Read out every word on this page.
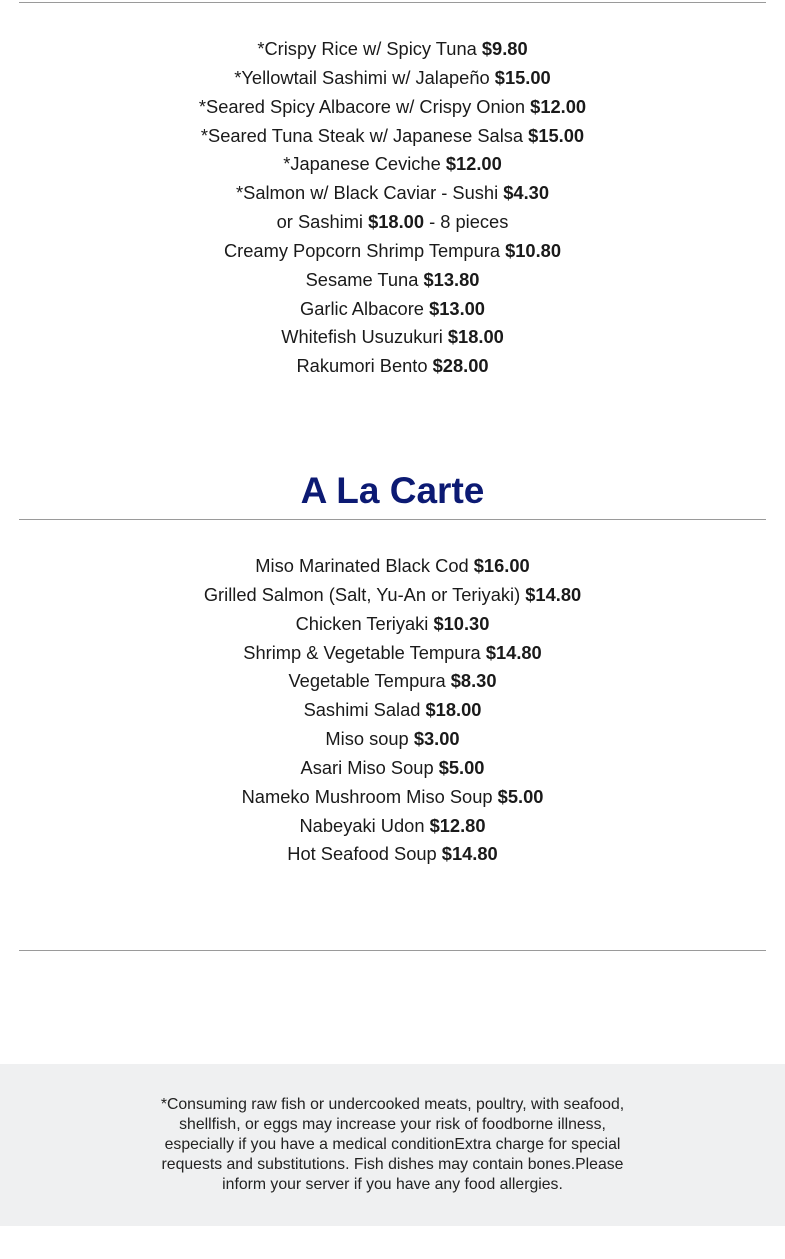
*Crispy Rice w/ Spicy Tuna $9.80
*Yellowtail Sashimi w/ Jalapeño $15.00
*Seared Spicy Albacore w/ Crispy Onion $12.00
*Seared Tuna Steak w/ Japanese Salsa $15.00
*Japanese Ceviche $12.00
*Salmon w/ Black Caviar - Sushi $4.30
or Sashimi $18.00 - 8 pieces
Creamy Popcorn Shrimp Tempura $10.80
Sesame Tuna $13.80
Garlic Albacore $13.00
Whitefish Usuzukuri $18.00
Rakumori Bento $28.00
A La Carte
Miso Marinated Black Cod $16.00
Grilled Salmon (Salt, Yu-An or Teriyaki) $14.80
Chicken Teriyaki $10.30
Shrimp & Vegetable Tempura $14.80
Vegetable Tempura $8.30
Sashimi Salad $18.00
Miso soup $3.00
Asari Miso Soup $5.00
Nameko Mushroom Miso Soup $5.00
Nabeyaki Udon $12.80
Hot Seafood Soup $14.80

*Consuming raw fish or undercooked meats, poultry, with seafood, shellfish, or eggs may increase your risk of foodborne illness, especially if you have a medical conditionExtra charge for special requests and substitutions. Fish dishes may contain bones.Please inform your server if you have any food allergies.
